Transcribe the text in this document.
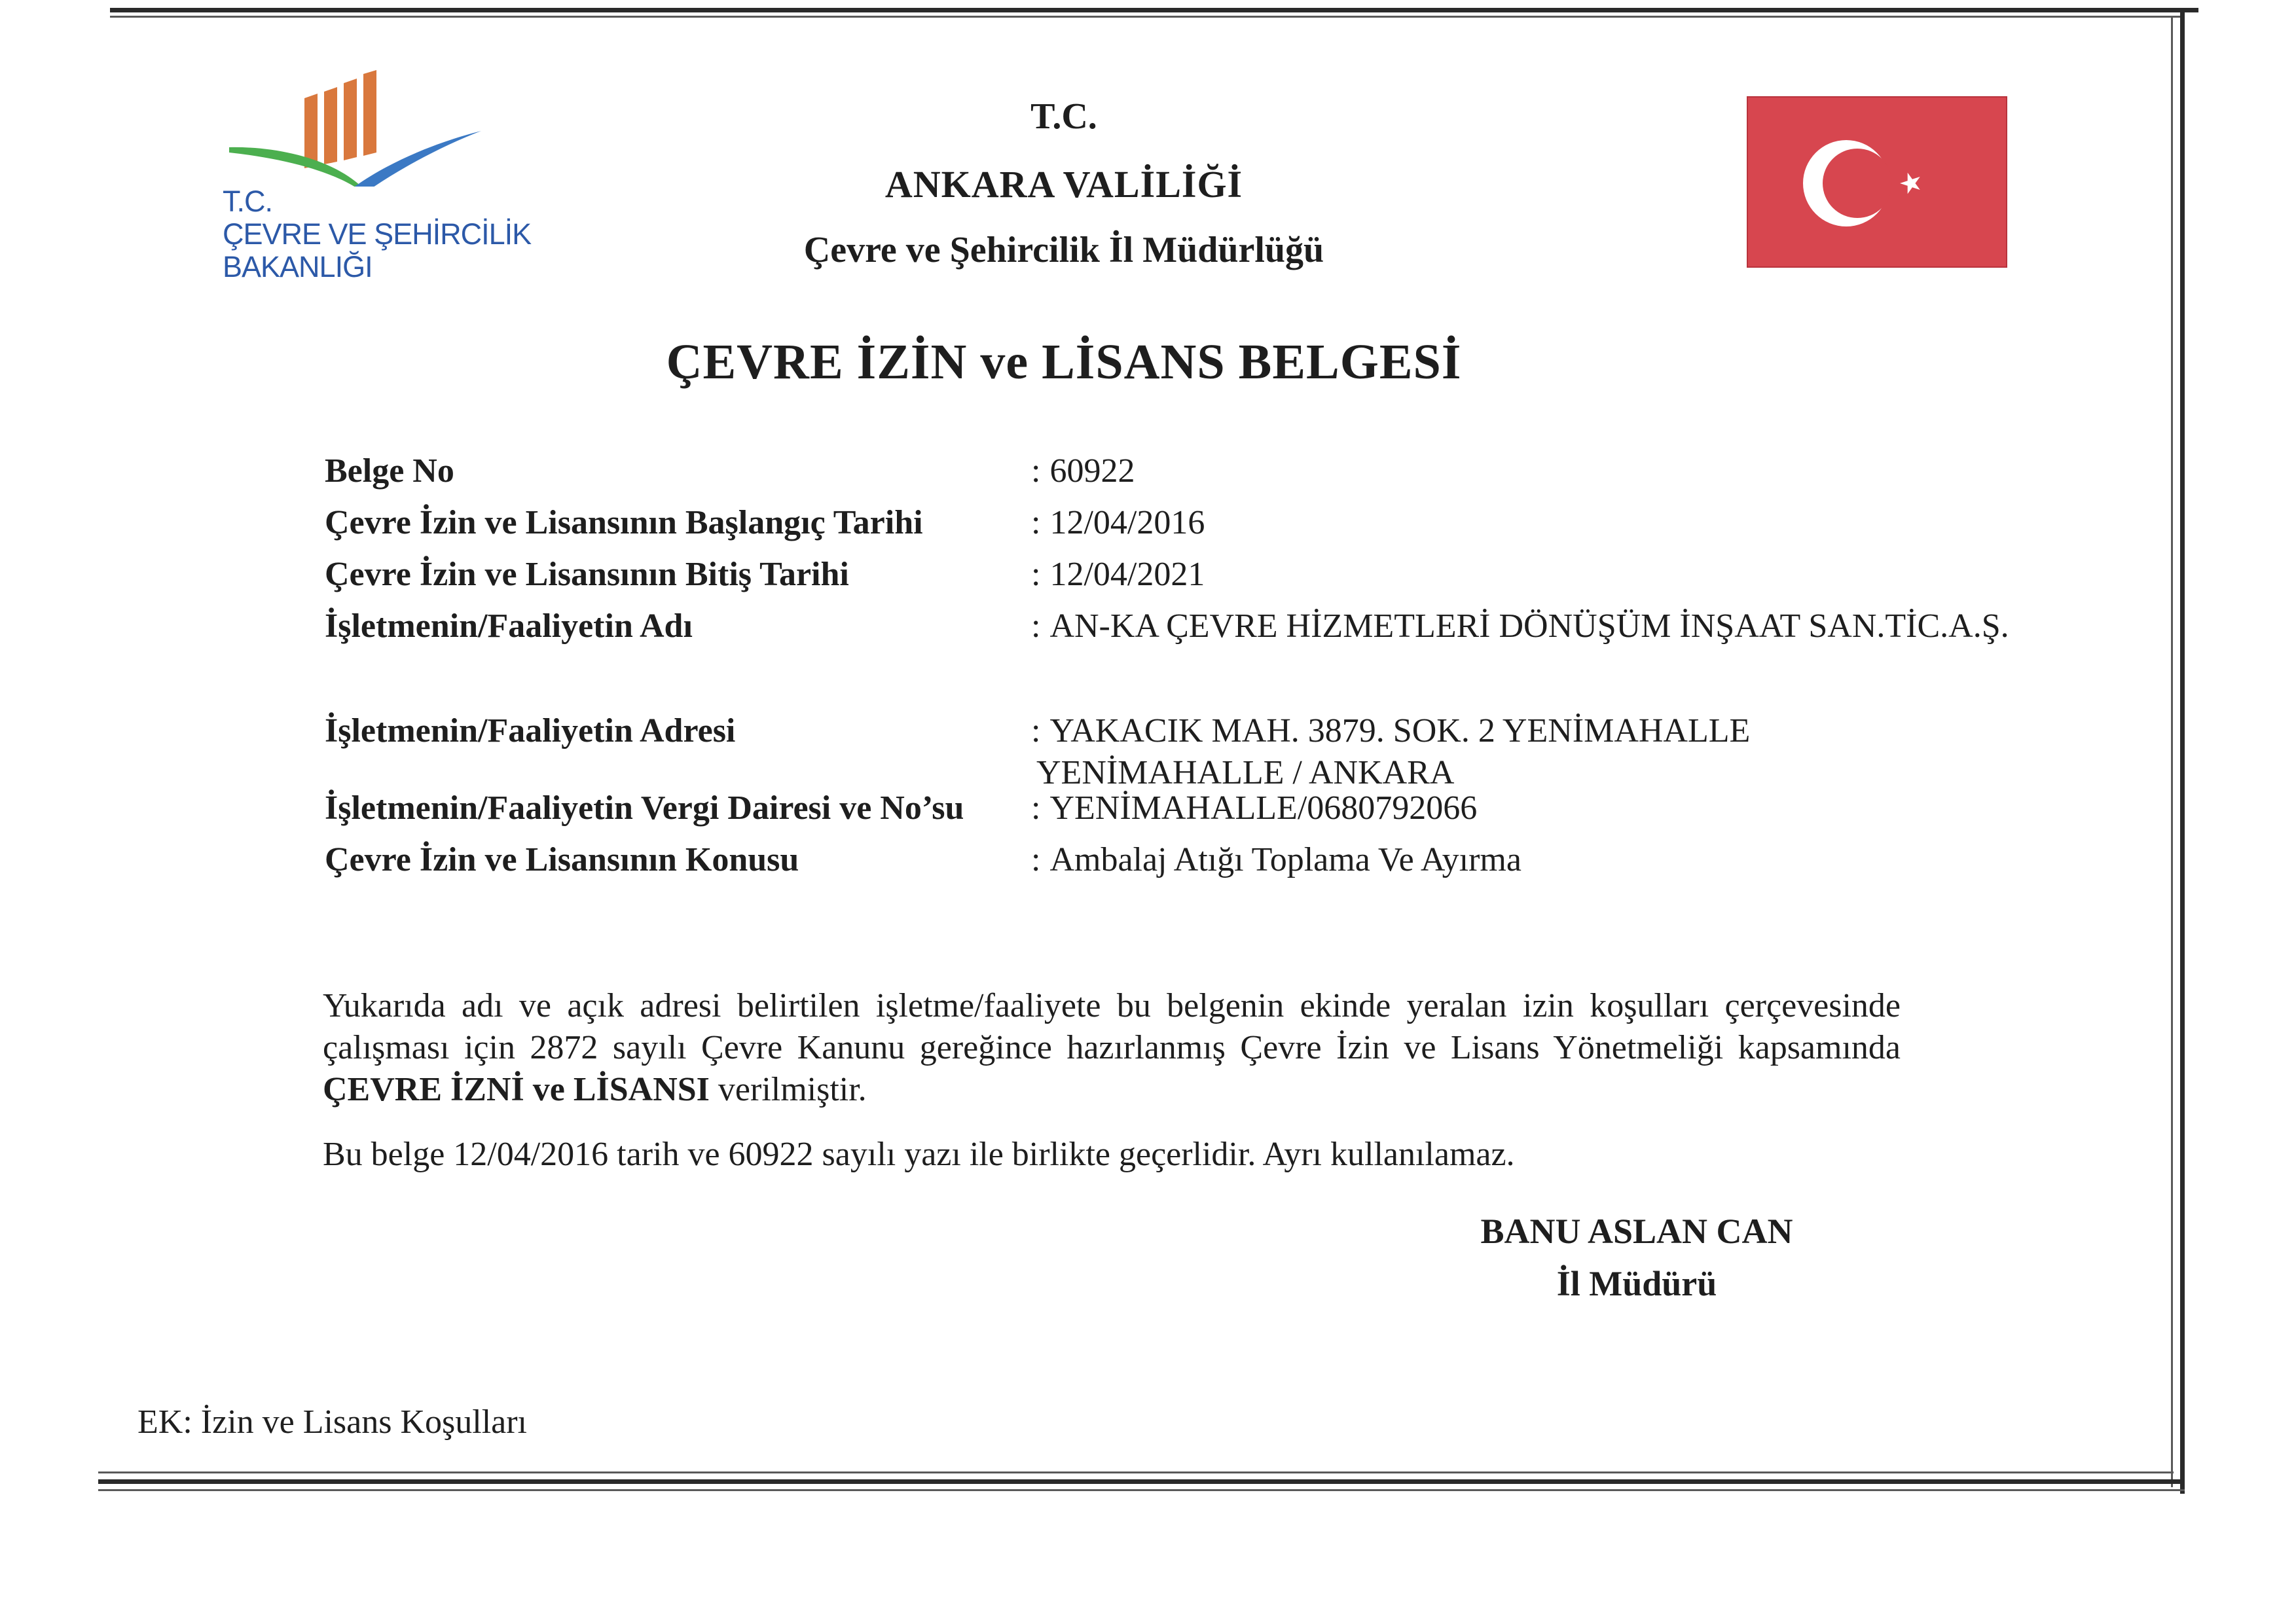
T.C.
ÇEVRE VE ŞEHİRCİLİK
BAKANLIĞI
T.C.
ANKARA VALİLİĞİ
Çevre ve Şehircilik İl Müdürlüğü
ÇEVRE İZİN ve LİSANS BELGESİ
Belge No	: 60922
Çevre İzin ve Lisansının Başlangıç Tarihi	: 12/04/2016
Çevre İzin ve Lisansının Bitiş Tarihi	: 12/04/2021
İşletmenin/Faaliyetin Adı	: AN-KA ÇEVRE HİZMETLERİ DÖNÜŞÜM İNŞAAT SAN.TİC.A.Ş.
İşletmenin/Faaliyetin Adresi	: YAKACIK MAH. 3879. SOK. 2 YENİMAHALLE
YENİMAHALLE / ANKARA
İşletmenin/Faaliyetin Vergi Dairesi ve No’su : YENİMAHALLE/0680792066
Çevre İzin ve Lisansının Konusu	: Ambalaj Atığı Toplama Ve Ayırma
Yukarıda adı ve açık adresi belirtilen işletme/faaliyete bu belgenin ekinde yeralan izin koşulları çerçevesinde çalışması için 2872 sayılı Çevre Kanunu gereğince hazırlanmış Çevre İzin ve Lisans Yönetmeliği kapsamında ÇEVRE İZNİ ve LİSANSI verilmiştir.
Bu belge 12/04/2016 tarih ve 60922 sayılı yazı ile birlikte geçerlidir. Ayrı kullanılamaz.
BANU ASLAN CAN
İl Müdürü
EK: İzin ve Lisans Koşulları
